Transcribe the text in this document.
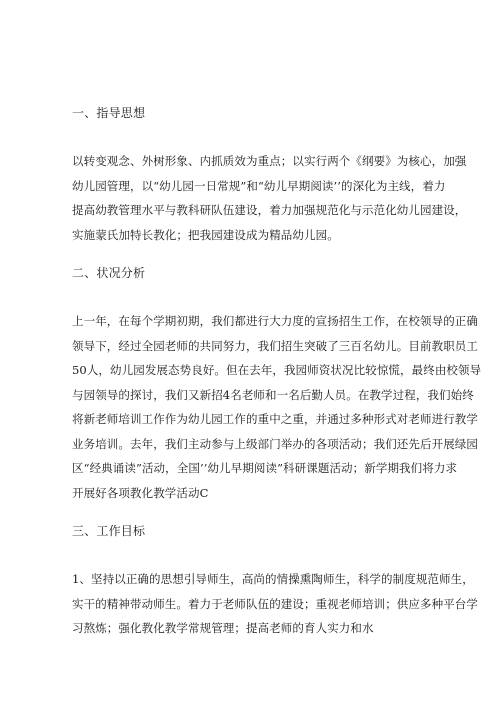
一、指导思想
以转变观念、外树形象、内抓质效为重点；以实行两个《纲要》为核心，加强
幼儿园管理，以“幼儿园一日常规”和“幼儿早期阅读’’的深化为主线，着力
提高幼教管理水平与教科研队伍建设，着力加强规范化与示范化幼儿园建设，
实施蒙氏加特长教化；把我园建设成为精品幼儿园。
二、状况分析
上一年，在每个学期初期，我们都进行大力度的宣扬招生工作，在校领导的正确
领导下，经过全园老师的共同努力，我们招生突破了三百名幼儿。目前教职员工
50人，幼儿园发展态势良好。但在去年，我园师资状况比较惊慌，最终由校领导
与园领导的探讨，我们又新招4名老师和一名后勤人员。在教学过程，我们始终
将新老师培训工作作为幼儿园工作的重中之重，并通过多种形式对老师进行教学
业务培训。去年，我们主动参与上级部门举办的各项活动；我们还先后开展绿园
区“经典诵读”活动，全国’’幼儿早期阅读”科研课题活动；新学期我们将力求
开展好各项教化教学活动C
三、工作目标
1、坚持以正确的思想引导师生，高尚的情操熏陶师生，科学的制度规范师生，
实干的精神带动师生。着力于老师队伍的建设；重视老师培训；供应多种平台学
习熬炼；强化教化教学常规管理；提高老师的育人实力和水
